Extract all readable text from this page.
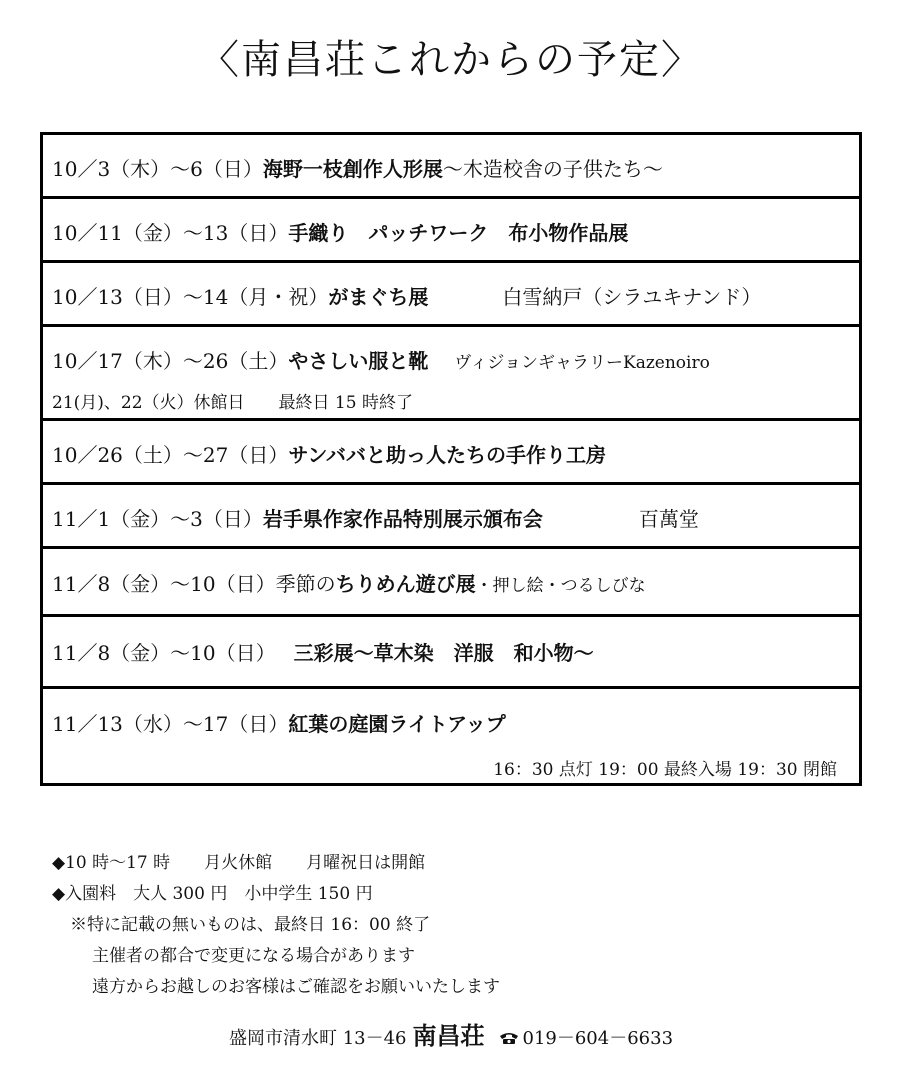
〈南昌荘これからの予定〉
10／3（木）～6（日）海野一枝創作人形展～木造校舎の子供たち～
10／11（金）～13（日）手織り　パッチワーク　布小物作品展
10／13（日）～14（月・祝）がまぐち展	白雪納戸（シラユキナンド）
10／17（木）～26（土）やさしい服と靴 ヴィジョンギャラリーKazenoiro
21(月)、22（火）休館日　　最終日 15 時終了
10／26（土）～27（日）サンババと助っ人たちの手作り工房
11／1（金）～3（日）岩手県作家作品特別展示頒布会	百萬堂
11／8（金）～10（日）季節のちりめん遊び展・押し絵・つるしびな
11／8（金）～10（日） 三彩展～草木染　洋服　和小物～
11／13（水）～17（日）紅葉の庭園ライトアップ
16：30 点灯 19：00 最終入場 19：30 閉館
◆10 時～17 時　　月火休館　　月曜祝日は開館
◆入園料　大人 300 円　小中学生 150 円
※特に記載の無いものは、最終日 16：00 終了
主催者の都合で変更になる場合があります
遠方からお越しのお客様はご確認をお願いいたします
盛岡市清水町 13－46 南昌荘 019－604－6633
